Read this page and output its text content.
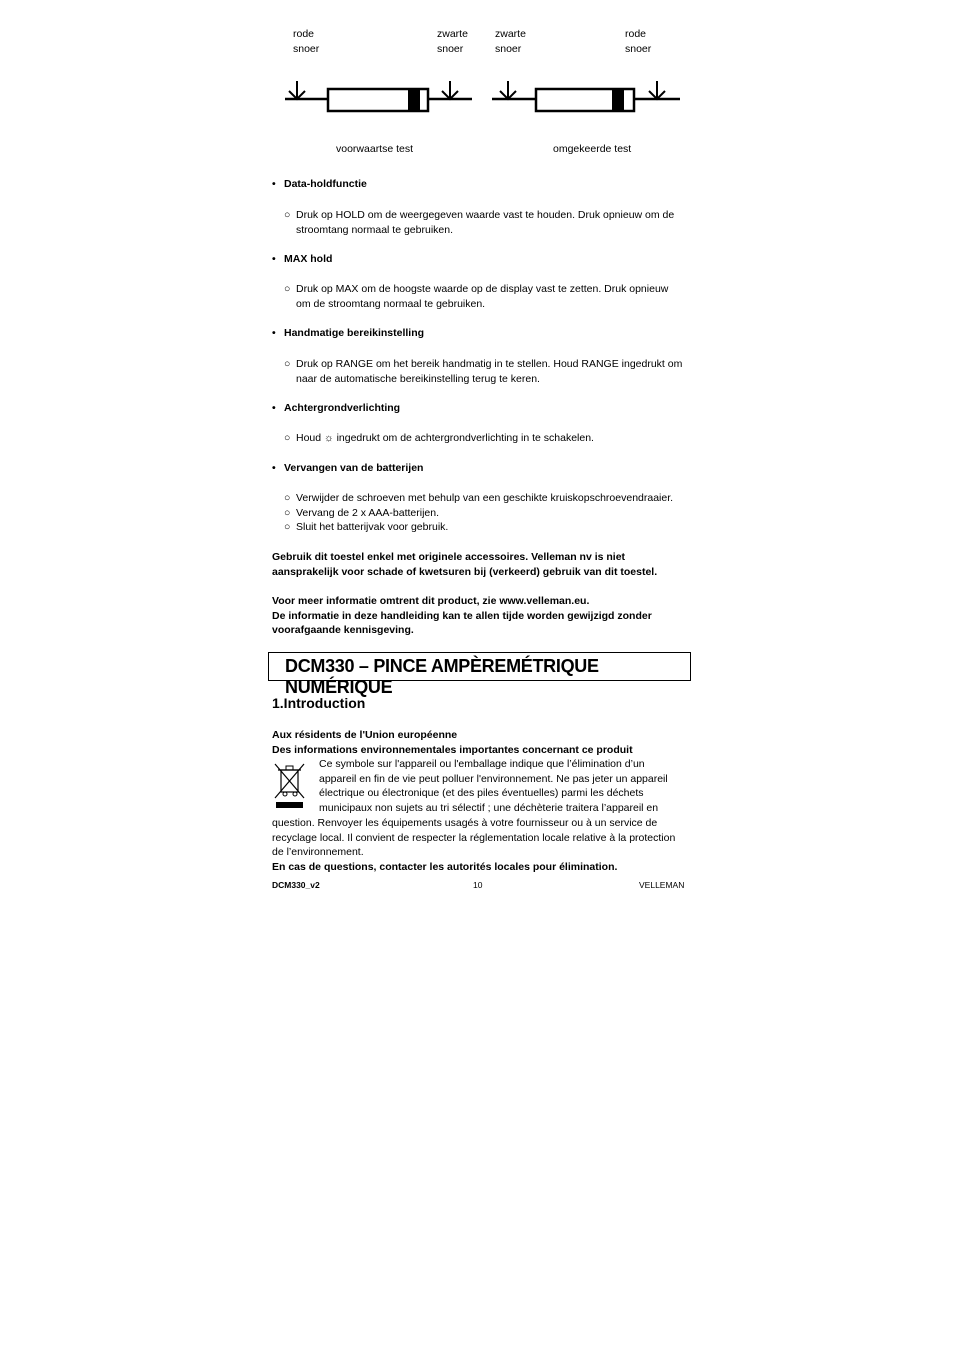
rode
snoer
zwarte
snoer
zwarte
snoer
rode
snoer
voorwaartse test	omgekeerde test
• Data-holdfunctie
○ Druk op HOLD om de weergegeven waarde vast te houden. Druk opnieuw om de stroomtang normaal te gebruiken.
• MAX hold
○ Druk op MAX om de hoogste waarde op de display vast te zetten. Druk opnieuw om de stroomtang normaal te gebruiken.
• Handmatige bereikinstelling
○ Druk op RANGE om het bereik handmatig in te stellen. Houd RANGE ingedrukt om naar de automatische bereikinstelling terug te keren.
• Achtergrondverlichting
○ Houd ☼ ingedrukt om de achtergrondverlichting in te schakelen.
• Vervangen van de batterijen
○ Verwijder de schroeven met behulp van een geschikte kruiskopschroevendraaier.
○ Vervang de 2 x AAA-batterijen.
○ Sluit het batterijvak voor gebruik.
Gebruik dit toestel enkel met originele accessoires. Velleman nv is niet
aansprakelijk voor schade of kwetsuren bij (verkeerd) gebruik van dit toestel.
Voor meer informatie omtrent dit product, zie www.velleman.eu.
De informatie in deze handleiding kan te allen tijde worden gewijzigd zonder
voorafgaande kennisgeving.
DCM330 – PINCE AMPÈREMÉTRIQUE NUMÉRIQUE
1.Introduction
Aux résidents de l'Union européenne
Des informations environnementales importantes concernant ce produit
Ce symbole sur l'appareil ou l'emballage indique que l’élimination d’un
appareil en fin de vie peut polluer l'environnement. Ne pas jeter un appareil
électrique ou électronique (et des piles éventuelles) parmi les déchets
municipaux non sujets au tri sélectif ; une déchèterie traitera l’appareil en
question. Renvoyer les équipements usagés à votre fournisseur ou à un service de
recyclage local. Il convient de respecter la réglementation locale relative à la protection
de l’environnement.
En cas de questions, contacter les autorités locales pour élimination.
DCM330_v2	10	VELLEMAN
